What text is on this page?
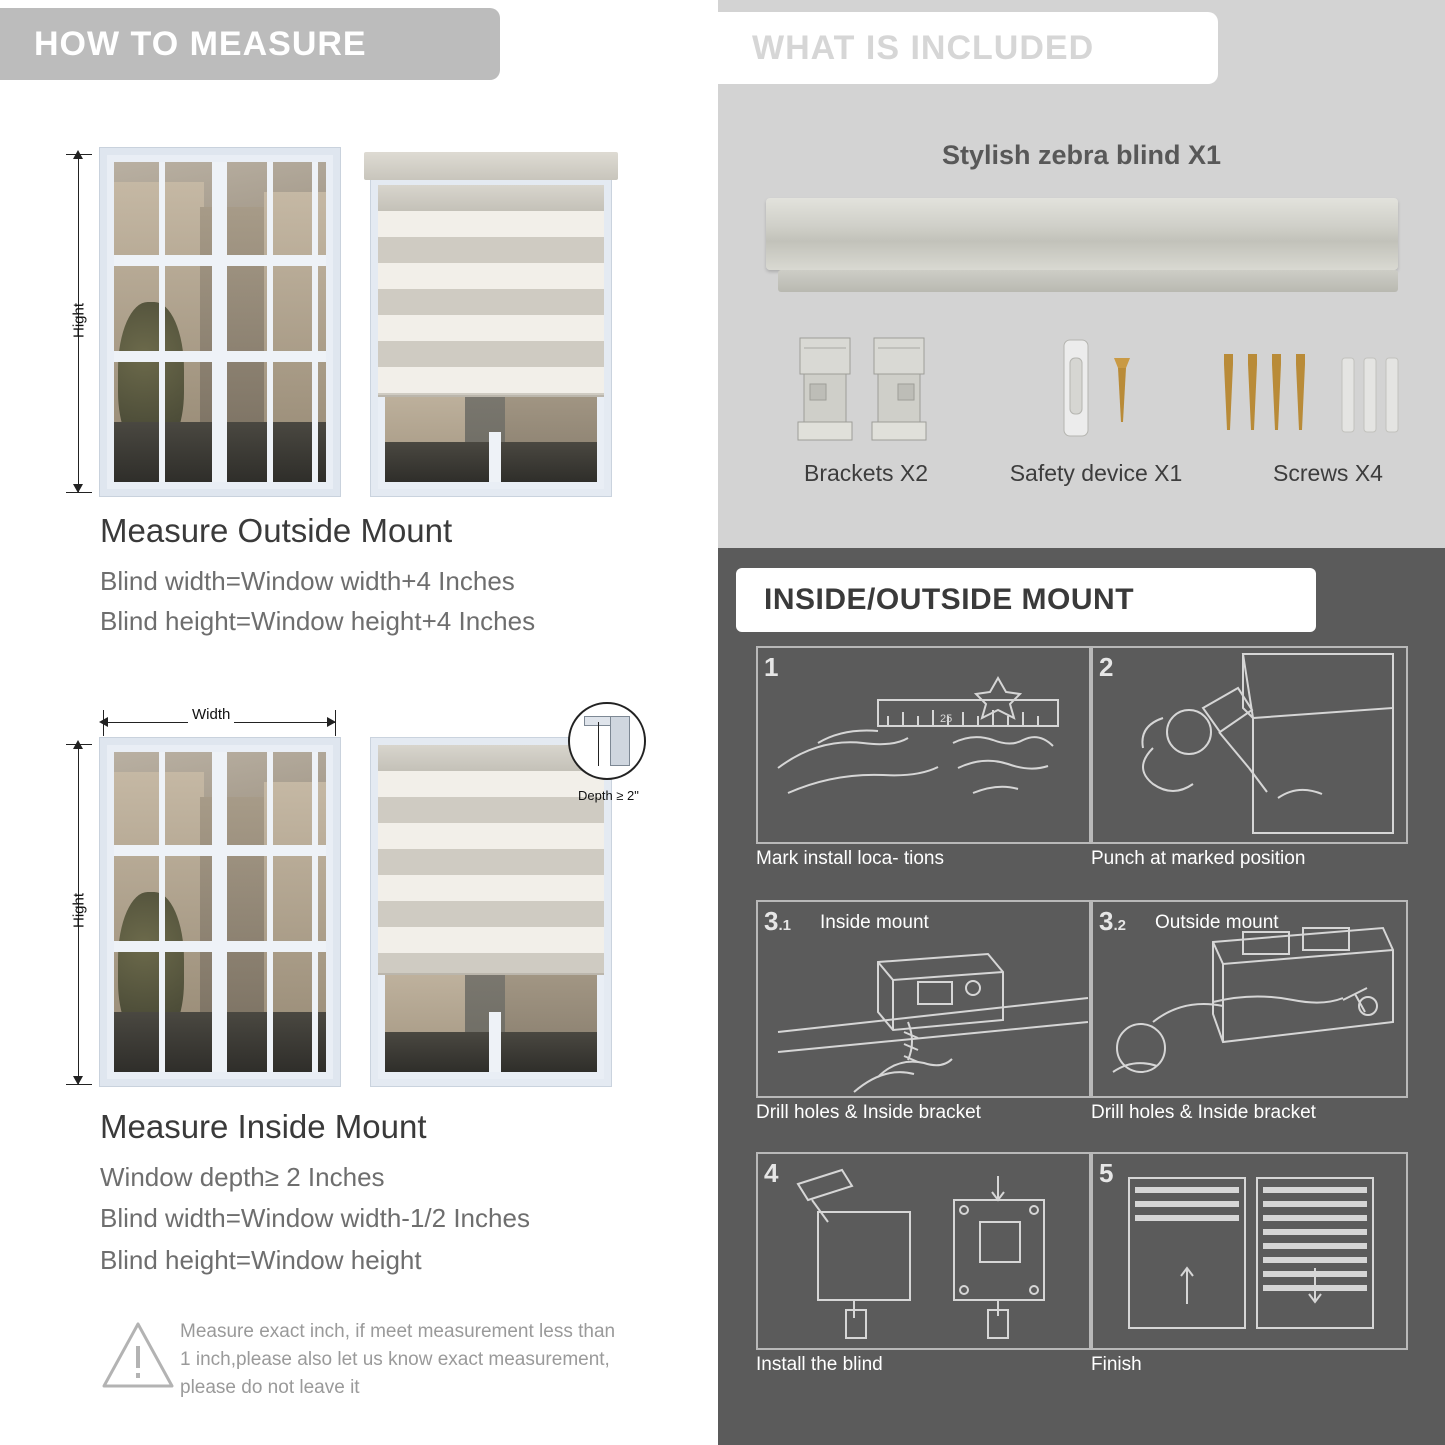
HOW TO MEASURE
Hight
Measure Outside Mount
Blind width=Window width+4 Inches
Blind height=Window height+4 Inches
Width
Hight
Depth ≥ 2"
Measure Inside Mount
Window depth≥ 2 Inches
Blind width=Window width-1/2 Inches
Blind height=Window height
Measure exact inch, if meet measurement less than 1 inch,please also let us know exact measurement, please do not leave it
WHAT IS INCLUDED
Stylish zebra blind X1
Brackets X2	Safety device X1	Screws X4
INSIDE/OUTSIDE MOUNT
1
25
Mark install loca- tions
2
Punch at marked position
3.1 Inside mount
Drill holes & Inside bracket
3.2 Outside mount
Drill holes & Inside bracket
4
Install the blind
5
Finish
